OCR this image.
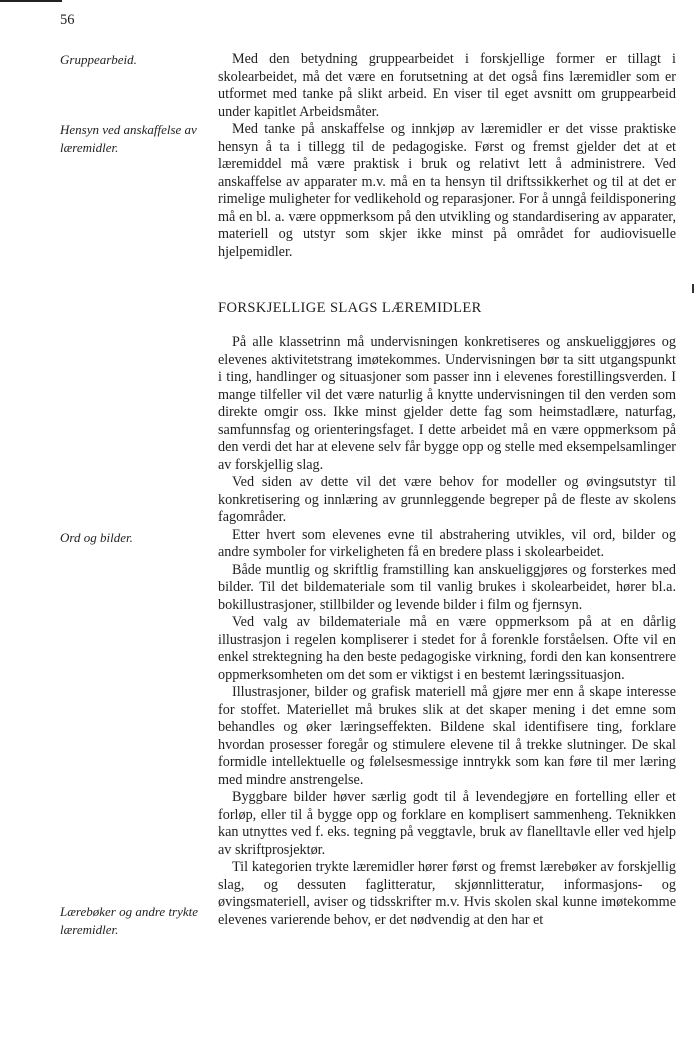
56
Gruppearbeid.
Hensyn ved anskaffelse av læremidler.
Ord og bilder.
Lærebøker og andre trykte læremidler.

Med den betydning gruppearbeidet i forskjellige former er tillagt i skolearbeidet, må det være en forutsetning at det også fins læremidler som er utformet med tanke på slikt arbeid. En viser til eget avsnitt om gruppearbeid under kapitlet Arbeidsmåter.

Med tanke på anskaffelse og innkjøp av læremidler er det visse praktiske hensyn å ta i tillegg til de pedagogiske. Først og fremst gjelder det at et læremiddel må være praktisk i bruk og relativt lett å administrere. Ved anskaffelse av apparater m.v. må en ta hensyn til driftssikkerhet og til at det er rimelige muligheter for vedlikehold og reparasjoner. For å unngå feildisponering må en bl. a. være oppmerksom på den utvikling og standardisering av apparater, materiell og utstyr som skjer ikke minst på området for audiovisuelle hjelpemidler.

FORSKJELLIGE SLAGS LÆREMIDLER

På alle klassetrinn må undervisningen konkretiseres og anskueliggjøres og elevenes aktivitetstrang imøtekommes. Undervisningen bør ta sitt utgangspunkt i ting, handlinger og situasjoner som passer inn i elevenes forestillingsverden. I mange tilfeller vil det være naturlig å knytte undervisningen til den verden som direkte omgir oss. Ikke minst gjelder dette fag som heimstadlære, naturfag, samfunnsfag og orienteringsfaget. I dette arbeidet må en være oppmerksom på den verdi det har at elevene selv får bygge opp og stelle med eksempelsamlinger av forskjellig slag.

Ved siden av dette vil det være behov for modeller og øvingsutstyr til konkretisering og innlæring av grunnleggende begreper på de fleste av skolens fagområder.

Etter hvert som elevenes evne til abstrahering utvikles, vil ord, bilder og andre symboler for virkeligheten få en bredere plass i skolearbeidet.

Både muntlig og skriftlig framstilling kan anskueliggjøres og forsterkes med bilder. Til det bildemateriale som til vanlig brukes i skolearbeidet, hører bl.a. bokillustrasjoner, stillbilder og levende bilder i film og fjernsyn.

Ved valg av bildemateriale må en være oppmerksom på at en dårlig illustrasjon i regelen kompliserer i stedet for å forenkle forståelsen. Ofte vil en enkel strektegning ha den beste pedagogiske virkning, fordi den kan konsentrere oppmerksomheten om det som er viktigst i en bestemt læringssituasjon.

Illustrasjoner, bilder og grafisk materiell må gjøre mer enn å skape interesse for stoffet. Materiellet må brukes slik at det skaper mening i det emne som behandles og øker læringseffekten. Bildene skal identifisere ting, forklare hvordan prosesser foregår og stimulere elevene til å trekke slutninger. De skal formidle intellektuelle og følelsesmessige inntrykk som kan føre til mer læring med mindre anstrengelse.

Byggbare bilder høver særlig godt til å levendegjøre en fortelling eller et forløp, eller til å bygge opp og forklare en komplisert sammenheng. Teknikken kan utnyttes ved f. eks. tegning på veggtavle, bruk av flanelltavle eller ved hjelp av skriftprosjektør.

Til kategorien trykte læremidler hører først og fremst lærebøker av forskjellig slag, og dessuten faglitteratur, skjønnlitteratur, informasjons- og øvingsmateriell, aviser og tidsskrifter m.v. Hvis skolen skal kunne imøtekomme elevenes varierende behov, er det nødvendig at den har et
